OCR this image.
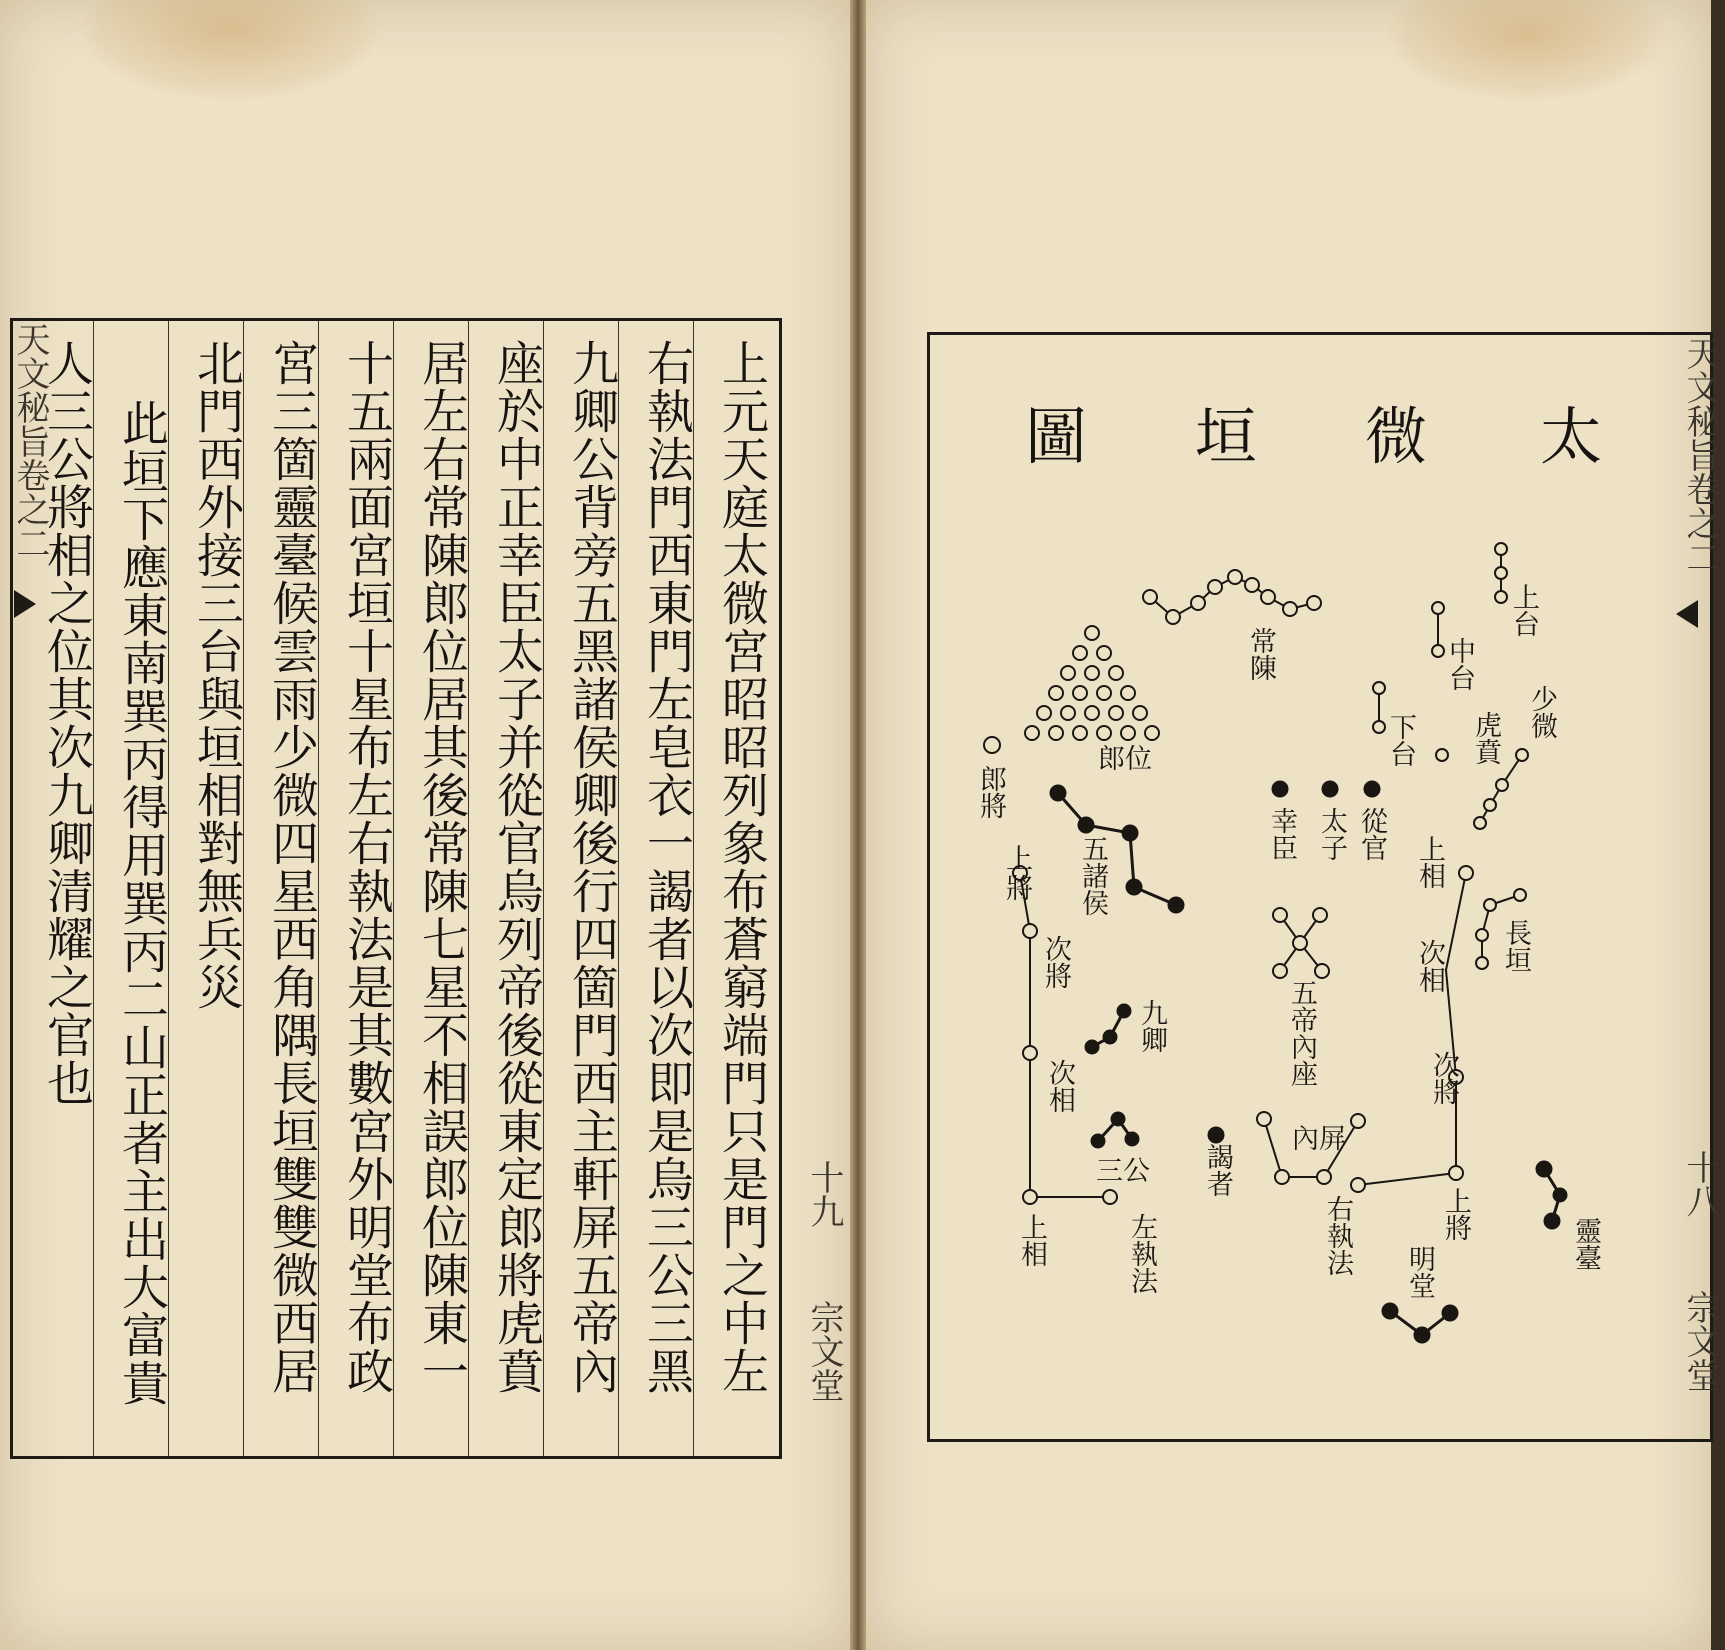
上元天庭太微宮昭昭列象布蒼窮端門只是門之中左
右執法門西東門左皂衣一謁者以次即是烏三公三黑
九卿公背旁五黑諸侯卿後行四箇門西主軒屏五帝內
座於中正幸臣太子并從官烏列帝後從東定郎將虎賁
居左右常陳郎位居其後常陳七星不相誤郎位陳東一
十五兩面宮垣十星布左右執法是其數宮外明堂布政
宮三箇靈臺候雲雨少微四星西角隅長垣雙雙微西居
北門西外接三台與垣相對無兵災
此垣下應東南巽丙得用巽丙二山正者主出大富貴
人三公將相之位其次九卿清耀之官也
天文秘旨卷之二
十九
宗文堂
太
微
垣
圖
上台
中台
下台
少微
虎賁
常陳
郎位
郎將
幸臣 太子 從官
五諸侯
上將
上相
次相 長垣
次將
五帝內座
九卿
次將
次相
內屏
三公 謁者
右執法	上將
靈臺
上相	左執法	明堂
天文秘旨卷之二
十八
宗文堂
